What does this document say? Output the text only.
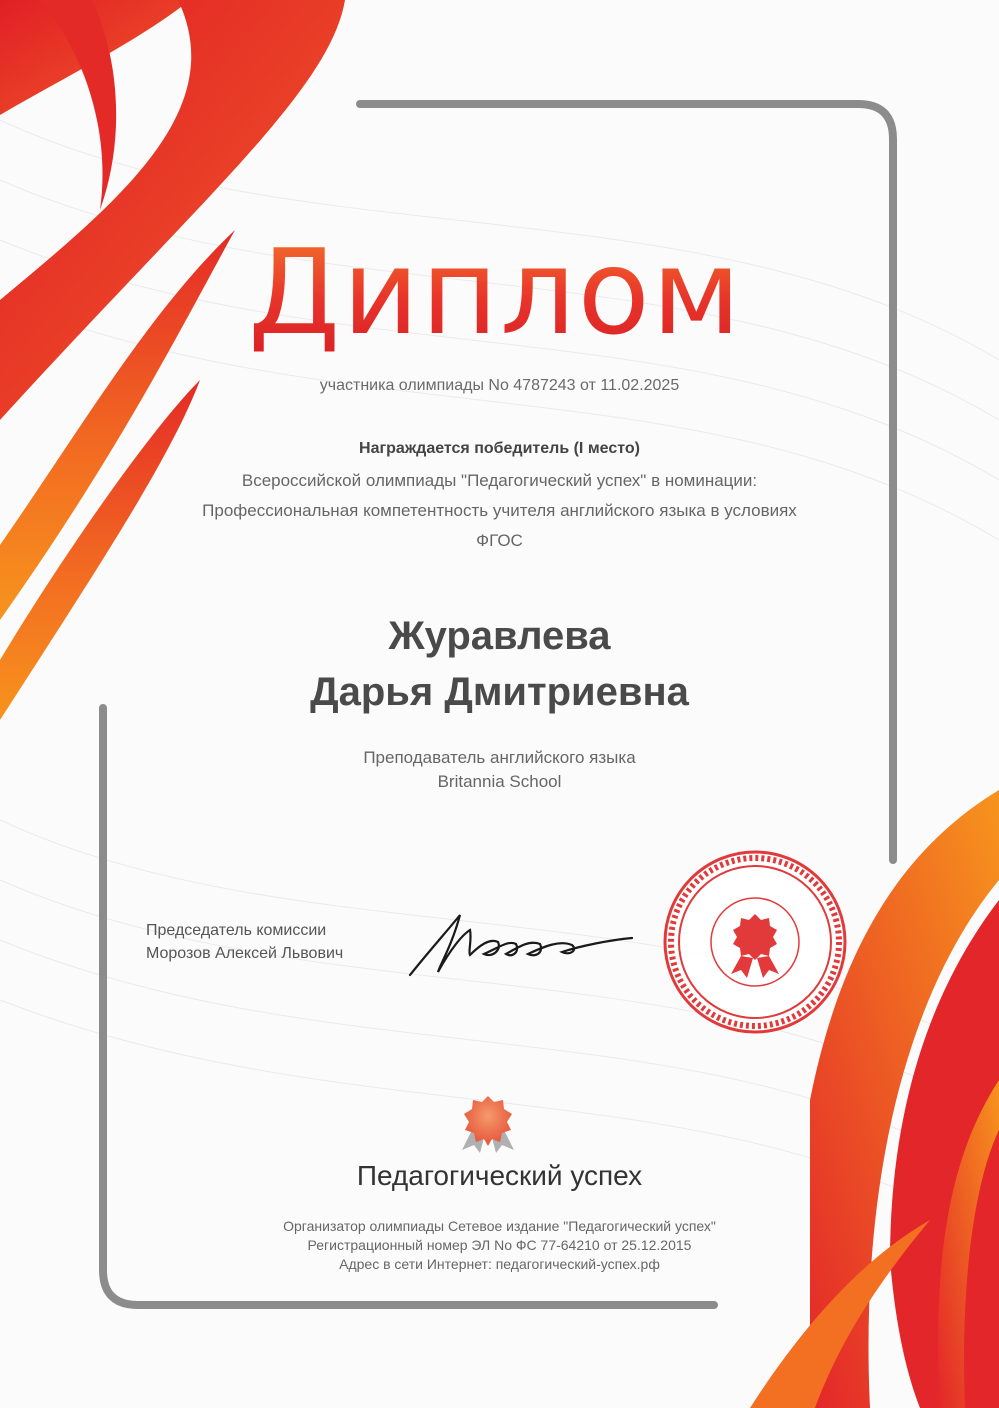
Диплом
участника олимпиады No 4787243 от 11.02.2025
Награждается победитель (I место)
Всероссийской олимпиады "Педагогический успех" в номинации:
Профессиональная компетентность учителя английского языка в условиях
ФГОС
Журавлева
Дарья Дмитриевна
Преподаватель английского языка
Britannia School
Председатель комиссии
Морозов Алексей Львович
Педагогический успех
Организатор олимпиады Сетевое издание "Педагогический успех"
Регистрационный номер ЭЛ No ФС 77-64210 от 25.12.2015
Адрес в сети Интернет: педагогический-успех.рф
